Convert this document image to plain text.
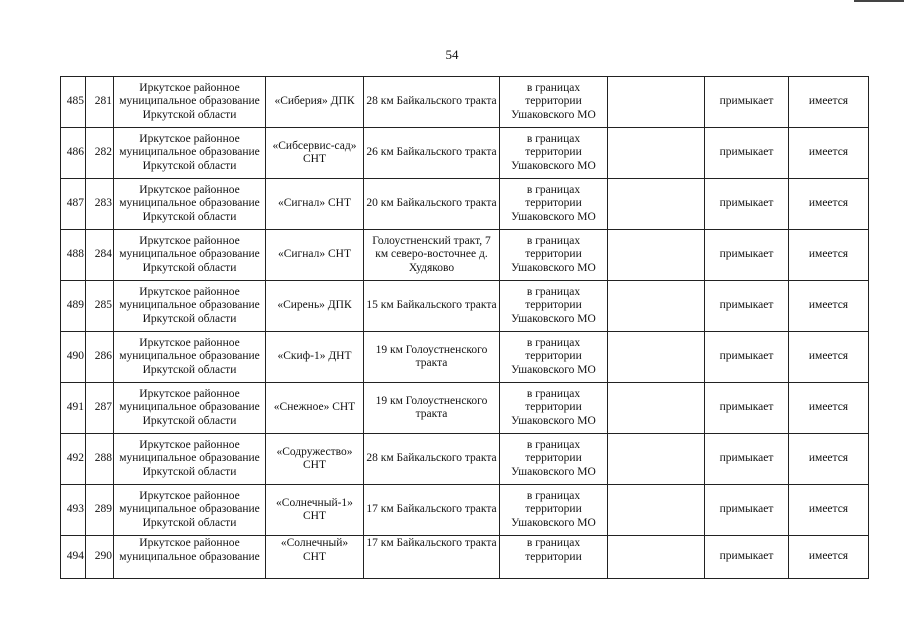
54
485	281	Иркутское районное муниципальное образование Иркутской области	«Сиберия» ДПК	28 км Байкальского тракта	в границах территории Ушаковского МО		примыкает	имеется
486	282	Иркутское районное муниципальное образование Иркутской области	«Сибсервис-сад» СНТ	26 км Байкальского тракта	в границах территории Ушаковского МО		примыкает	имеется
487	283	Иркутское районное муниципальное образование Иркутской области	«Сигнал» СНТ	20 км Байкальского тракта	в границах территории Ушаковского МО		примыкает	имеется
488	284	Иркутское районное муниципальное образование Иркутской области	«Сигнал» СНТ	Голоустненский тракт, 7 км северо-восточнее д. Худяково	в границах территории Ушаковского МО		примыкает	имеется
489	285	Иркутское районное муниципальное образование Иркутской области	«Сирень» ДПК	15 км Байкальского тракта	в границах территории Ушаковского МО		примыкает	имеется
490	286	Иркутское районное муниципальное образование Иркутской области	«Скиф-1» ДНТ	19 км Голоустненского тракта	в границах территории Ушаковского МО		примыкает	имеется
491	287	Иркутское районное муниципальное образование Иркутской области	«Снежное» СНТ	19 км Голоустненского тракта	в границах территории Ушаковского МО		примыкает	имеется
492	288	Иркутское районное муниципальное образование Иркутской области	«Содружество» СНТ	28 км Байкальского тракта	в границах территории Ушаковского МО		примыкает	имеется
493	289	Иркутское районное муниципальное образование Иркутской области	«Солнечный-1» СНТ	17 км Байкальского тракта	в границах территории Ушаковского МО		примыкает	имеется
494	290	Иркутское районное муниципальное образование	«Солнечный» СНТ	17 км Байкальского тракта	в границах территории		примыкает	имеется
